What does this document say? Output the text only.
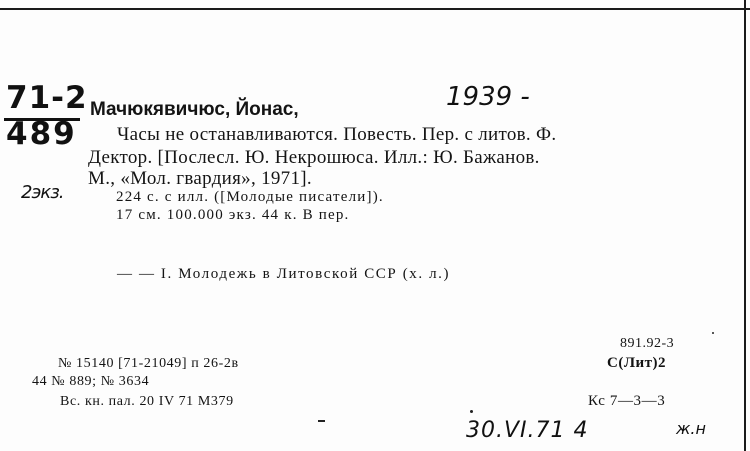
71-2
489
1939 -
2экз.
Мачюкявичюс, Йонас,
Часы не останавливаются. Повесть. Пер. с литов. Ф.
Дектор. [Послесл. Ю. Некрошюса. Илл.: Ю. Бажанов.
М., «Мол. гвардия», 1971].
224 с. с илл. ([Молодые писатели]).
17 см. 100.000 экз. 44 к. В пер.
— — I. Молодежь в Литовской ССР (х. л.)
891.92-3
С(Лит)2
№ 15140 [71-21049] п 26-2в
44 № 889; № 3634
Вс. кн. пал. 20 IV 71 М379	Кс 7—3—3
30.VI.71 4	ж.н
